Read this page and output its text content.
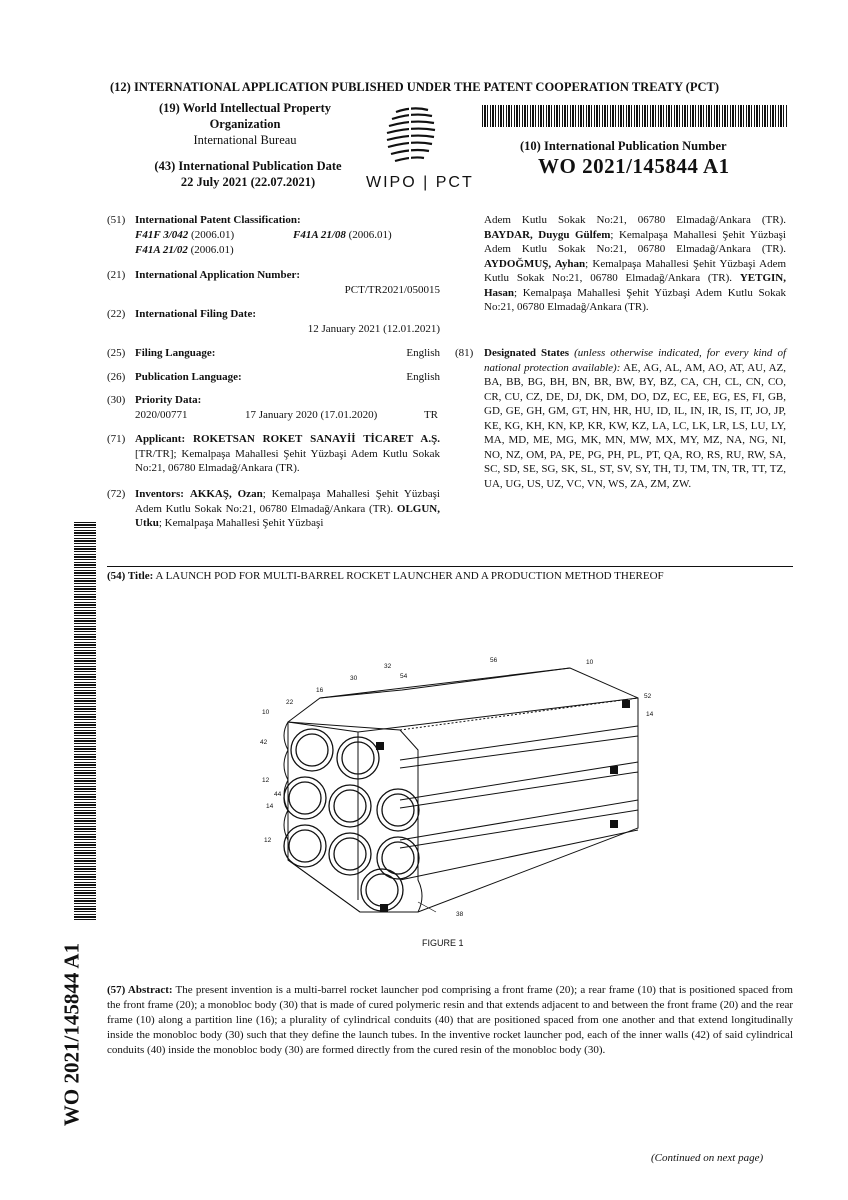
(12) INTERNATIONAL APPLICATION PUBLISHED UNDER THE PATENT COOPERATION TREATY (PCT)
(19) World Intellectual Property
Organization
International Bureau
(43) International Publication Date
22 July 2021 (22.07.2021)	WIPO | PCT
(10) International Publication Number
WO 2021/145844 A1
(51) International Patent Classification:
F41F 3/042 (2006.01)	F41A 21/08 (2006.01)
F41A 21/02 (2006.01)
(21) International Application Number:
PCT/TR2021/050015
(22) International Filing Date:
12 January 2021 (12.01.2021)
(25) Filing Language:	English
(26) Publication Language:	English
(30) Priority Data:
2020/00771	17 January 2020 (17.01.2020)	TR
(71) Applicant: ROKETSAN ROKET SANAYİİ TİCARET A.Ş. [TR/TR]; Kemalpaşa Mahallesi Şehit Yüzbaşi Adem Kutlu Sokak No:21, 06780 Elmadağ/Ankara (TR).
(72) Inventors: AKKAŞ, Ozan; Kemalpaşa Mahallesi Şehit Yüzbaşi Adem Kutlu Sokak No:21, 06780 Elmadağ/Ankara (TR). OLGUN, Utku; Kemalpaşa Mahallesi Şehit Yüzbaşi
Adem Kutlu Sokak No:21, 06780 Elmadağ/Ankara (TR). BAYDAR, Duygu Gülfem; Kemalpaşa Mahallesi Şehit Yüzbaşi Adem Kutlu Sokak No:21, 06780 Elmadağ/Ankara (TR). AYDOĞMUŞ, Ayhan; Kemalpaşa Mahallesi Şehit Yüzbaşi Adem Kutlu Sokak No:21, 06780 Elmadağ/Ankara (TR). YETGIN, Hasan; Kemalpaşa Mahallesi Şehit Yüzbaşi Adem Kutlu Sokak No:21, 06780 Elmadağ/Ankara (TR).
(81) Designated States (unless otherwise indicated, for every kind of national protection available): AE, AG, AL, AM, AO, AT, AU, AZ, BA, BB, BG, BH, BN, BR, BW, BY, BZ, CA, CH, CL, CN, CO, CR, CU, CZ, DE, DJ, DK, DM, DO, DZ, EC, EE, EG, ES, FI, GB, GD, GE, GH, GM, GT, HN, HR, HU, ID, IL, IN, IR, IS, IT, JO, JP, KE, KG, KH, KN, KP, KR, KW, KZ, LA, LC, LK, LR, LS, LU, LY, MA, MD, ME, MG, MK, MN, MW, MX, MY, MZ, NA, NG, NI, NO, NZ, OM, PA, PE, PG, PH, PL, PT, QA, RO, RS, RU, RW, SA, SC, SD, SE, SG, SK, SL, ST, SV, SY, TH, TJ, TM, TN, TR, TT, TZ, UA, UG, US, UZ, VC, VN, WS, ZA, ZM, ZW.
(54) Title: A LAUNCH POD FOR MULTI-BARREL ROCKET LAUNCHER AND A PRODUCTION METHOD THEREOF
WO 2021/145844 A1
56	10
32
30	54
16
22
10
52
14
42
12
44
14
12
38
FIGURE 1
(57) Abstract: The present invention is a multi-barrel rocket launcher pod comprising a front frame (20); a rear frame (10) that is positioned spaced from the front frame (20); a monobloc body (30) that is made of cured polymeric resin and that extends adjacent to and between the front frame (20) and the rear frame (10) along a partition line (16); a plurality of cylindrical conduits (40) that are positioned spaced from one another and that extend longitudinally inside the monobloc body (30) such that they define the launch tubes. In the inventive rocket launcher pod, each of the inner walls (42) of said cylindrical conduits (40) inside the monobloc body (30) are formed directly from the cured resin of the monobloc body (30).
(Continued on next page)
